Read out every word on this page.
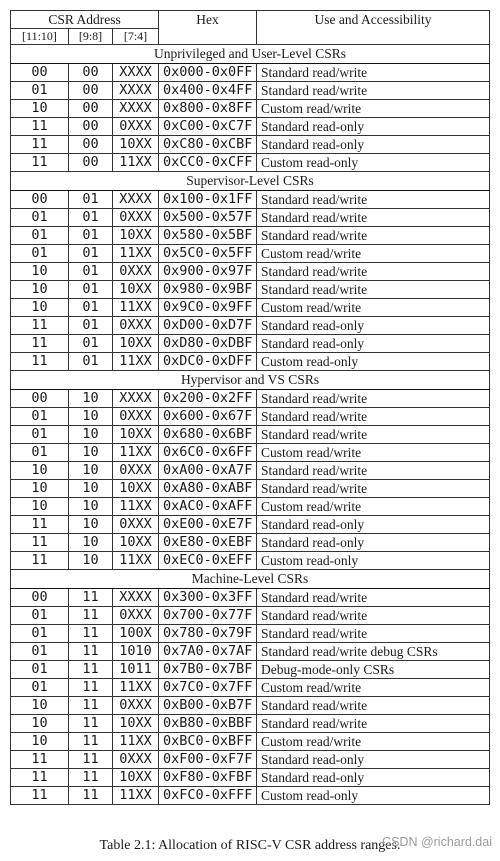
CSR Address			Hex	Use and Accessibility
[11:10]	[9:8]	[7:4]		
Unprivileged and User-Level CSRs				
00	00	XXXX	0x000-0x0FF	Standard read/write
01	00	XXXX	0x400-0x4FF	Standard read/write
10	00	XXXX	0x800-0x8FF	Custom read/write
11	00	0XXX	0xC00-0xC7F	Standard read-only
11	00	10XX	0xC80-0xCBF	Standard read-only
11	00	11XX	0xCC0-0xCFF	Custom read-only
Supervisor-Level CSRs				
00	01	XXXX	0x100-0x1FF	Standard read/write
01	01	0XXX	0x500-0x57F	Standard read/write
01	01	10XX	0x580-0x5BF	Standard read/write
01	01	11XX	0x5C0-0x5FF	Custom read/write
10	01	0XXX	0x900-0x97F	Standard read/write
10	01	10XX	0x980-0x9BF	Standard read/write
10	01	11XX	0x9C0-0x9FF	Custom read/write
11	01	0XXX	0xD00-0xD7F	Standard read-only
11	01	10XX	0xD80-0xDBF	Standard read-only
11	01	11XX	0xDC0-0xDFF	Custom read-only
Hypervisor and VS CSRs				
00	10	XXXX	0x200-0x2FF	Standard read/write
01	10	0XXX	0x600-0x67F	Standard read/write
01	10	10XX	0x680-0x6BF	Standard read/write
01	10	11XX	0x6C0-0x6FF	Custom read/write
10	10	0XXX	0xA00-0xA7F	Standard read/write
10	10	10XX	0xA80-0xABF	Standard read/write
10	10	11XX	0xAC0-0xAFF	Custom read/write
11	10	0XXX	0xE00-0xE7F	Standard read-only
11	10	10XX	0xE80-0xEBF	Standard read-only
11	10	11XX	0xEC0-0xEFF	Custom read-only
Machine-Level CSRs				
00	11	XXXX	0x300-0x3FF	Standard read/write
01	11	0XXX	0x700-0x77F	Standard read/write
01	11	100X	0x780-0x79F	Standard read/write
01	11	1010	0x7A0-0x7AF	Standard read/write debug CSRs
01	11	1011	0x7B0-0x7BF	Debug-mode-only CSRs
01	11	11XX	0x7C0-0x7FF	Custom read/write
10	11	0XXX	0xB00-0xB7F	Standard read/write
10	11	10XX	0xB80-0xBBF	Standard read/write
10	11	11XX	0xBC0-0xBFF	Custom read/write
11	11	0XXX	0xF00-0xF7F	Standard read-only
11	11	10XX	0xF80-0xFBF	Standard read-only
11	11	11XX	0xFC0-0xFFF	Custom read-only
Table 2.1: Allocation of RISC-V CSR address ranges.
CSDN @richard.dai
